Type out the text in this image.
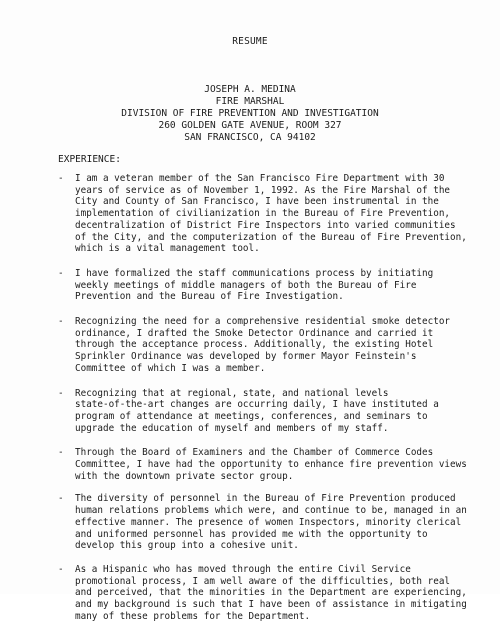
RESUME
JOSEPH A. MEDINA
FIRE MARSHAL
DIVISION OF FIRE PREVENTION AND INVESTIGATION
260 GOLDEN GATE AVENUE, ROOM 327
SAN FRANCISCO, CA 94102
EXPERIENCE:
- I am a veteran member of the San Francisco Fire Department with 30
years of service as of November 1, 1992. As the Fire Marshal of the
City and County of San Francisco, I have been instrumental in the
implementation of civilianization in the Bureau of Fire Prevention,
decentralization of District Fire Inspectors into varied communities
of the City, and the computerization of the Bureau of Fire Prevention,
which is a vital management tool.
- I have formalized the staff communications process by initiating
weekly meetings of middle managers of both the Bureau of Fire
Prevention and the Bureau of Fire Investigation.
- Recognizing the need for a comprehensive residential smoke detector
ordinance, I drafted the Smoke Detector Ordinance and carried it
through the acceptance process. Additionally, the existing Hotel
Sprinkler Ordinance was developed by former Mayor Feinstein's
Committee of which I was a member.
- Recognizing that at regional, state, and national levels
state-of-the-art changes are occurring daily, I have instituted a
program of attendance at meetings, conferences, and seminars to
upgrade the education of myself and members of my staff.
- Through the Board of Examiners and the Chamber of Commerce Codes
Committee, I have had the opportunity to enhance fire prevention views
with the downtown private sector group.
- The diversity of personnel in the Bureau of Fire Prevention produced
human relations problems which were, and continue to be, managed in an
effective manner. The presence of women Inspectors, minority clerical
and uniformed personnel has provided me with the opportunity to
develop this group into a cohesive unit.
- As a Hispanic who has moved through the entire Civil Service
promotional process, I am well aware of the difficulties, both real
and perceived, that the minorities in the Department are experiencing,
and my background is such that I have been of assistance in mitigating
many of these problems for the Department.
